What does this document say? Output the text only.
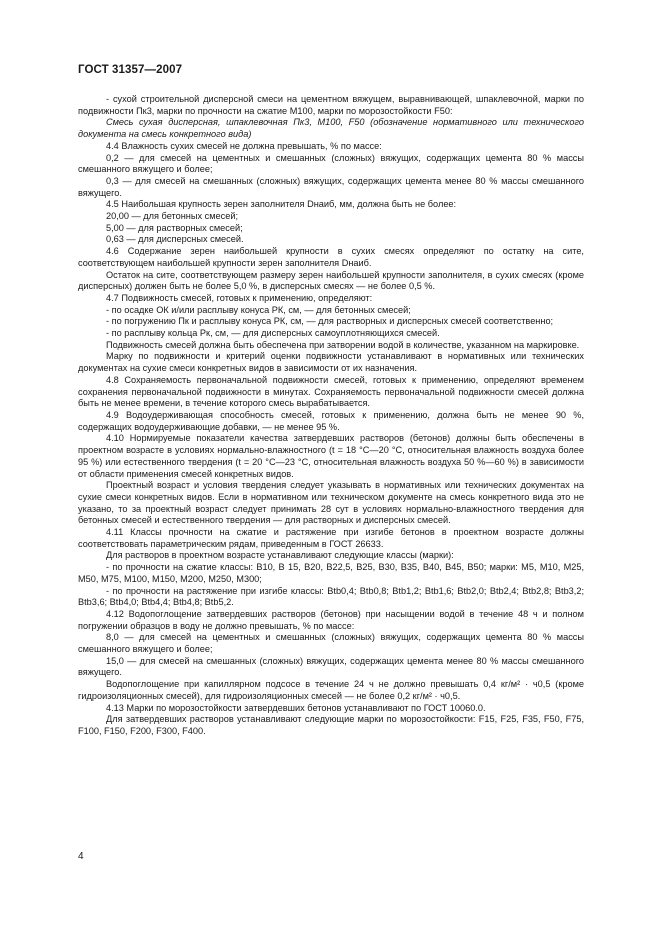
ГОСТ 31357—2007

- сухой строительной дисперсной смеси на цементном вяжущем, выравнивающей, шпаклевочной, марки по подвижности Пк3, марки по прочности на сжатие M100, марки по морозостойкости F50:

Смесь сухая дисперсная, шпаклевочная Пк3, М100, F50 (обозначение нормативного или технического документа на смесь конкретного вида)

4.4 Влажность сухих смесей не должна превышать, % по массе:

0,2 — для смесей на цементных и смешанных (сложных) вяжущих, содержащих цемента 80 % массы смешанного вяжущего и более;

0,3 — для смесей на смешанных (сложных) вяжущих, содержащих цемента менее 80 % массы смешанного вяжущего.

4.5 Наибольшая крупность зерен заполнителя Dнаиб, мм, должна быть не более:

20,00 — для бетонных смесей;

5,00 — для растворных смесей;

0,63 — для дисперсных смесей.

4.6 Содержание зерен наибольшей крупности в сухих смесях определяют по остатку на сите, соответствующем наибольшей крупности зерен заполнителя Dнаиб.

Остаток на сите, соответствующем размеру зерен наибольшей крупности заполнителя, в сухих смесях (кроме дисперсных) должен быть не более 5,0 %, в дисперсных смесях — не более 0,5 %.

4.7 Подвижность смесей, готовых к применению, определяют:

- по осадке ОК и/или расплыву конуса РК, см, — для бетонных смесей;

- по погружению Пк и расплыву конуса РК, см, — для растворных и дисперсных смесей соответственно;

- по расплыву кольца Рк, см, — для дисперсных самоуплотняющихся смесей.

Подвижность смесей должна быть обеспечена при затворении водой в количестве, указанном на маркировке.

Марку по подвижности и критерий оценки подвижности устанавливают в нормативных или технических документах на сухие смеси конкретных видов в зависимости от их назначения.

4.8 Сохраняемость первоначальной подвижности смесей, готовых к применению, определяют временем сохранения первоначальной подвижности в минутах. Сохраняемость первоначальной подвижности смесей должна быть не менее времени, в течение которого смесь вырабатывается.

4.9 Водоудерживающая способность смесей, готовых к применению, должна быть не менее 90 %, содержащих водоудерживающие добавки, — не менее 95 %.

4.10 Нормируемые показатели качества затвердевших растворов (бетонов) должны быть обеспечены в проектном возрасте в условиях нормально-влажностного (t = 18 °С—20 °С, относительная влажность воздуха более 95 %) или естественного твердения (t = 20 °С—23 °С, относительная влажность воздуха 50 %—60 %) в зависимости от области применения смесей конкретных видов.

Проектный возраст и условия твердения следует указывать в нормативных или технических документах на сухие смеси конкретных видов. Если в нормативном или техническом документе на смесь конкретного вида это не указано, то за проектный возраст следует принимать 28 сут в условиях нормально-влажностного твердения для бетонных смесей и естественного твердения — для растворных и дисперсных смесей.

4.11 Классы прочности на сжатие и растяжение при изгибе бетонов в проектном возрасте должны соответствовать параметрическим рядам, приведенным в ГОСТ 26633.

Для растворов в проектном возрасте устанавливают следующие классы (марки):

- по прочности на сжатие классы: В10, В 15, В20, В22,5, В25, В30, В35, В40, В45, В50; марки: М5, М10, М25, М50, М75, М100, М150, М200, М250, М300;

- по прочности на растяжение при изгибе классы: Btb0,4; Btb0,8; Btb1,2; Btb1,6; Btb2,0; Btb2,4; Btb2,8; Btb3,2; Btb3,6; Btb4,0; Btb4,4; Btb4,8; Btb5,2.

4.12 Водопоглощение затвердевших растворов (бетонов) при насыщении водой в течение 48 ч и полном погружении образцов в воду не должно превышать, % по массе:

8,0 — для смесей на цементных и смешанных (сложных) вяжущих, содержащих цемента 80 % массы смешанного вяжущего и более;

15,0 — для смесей на смешанных (сложных) вяжущих, содержащих цемента менее 80 % массы смешанного вяжущего.

Водопоглощение при капиллярном подсосе в течение 24 ч не должно превышать 0,4 кг/м² · ч0,5 (кроме гидроизоляционных смесей), для гидроизоляционных смесей — не более 0,2 кг/м² · ч0,5.

4.13 Марки по морозостойкости затвердевших бетонов устанавливают по ГОСТ 10060.0.

Для затвердевших растворов устанавливают следующие марки по морозостойкости: F15, F25, F35, F50, F75, F100, F150, F200, F300, F400.

4
